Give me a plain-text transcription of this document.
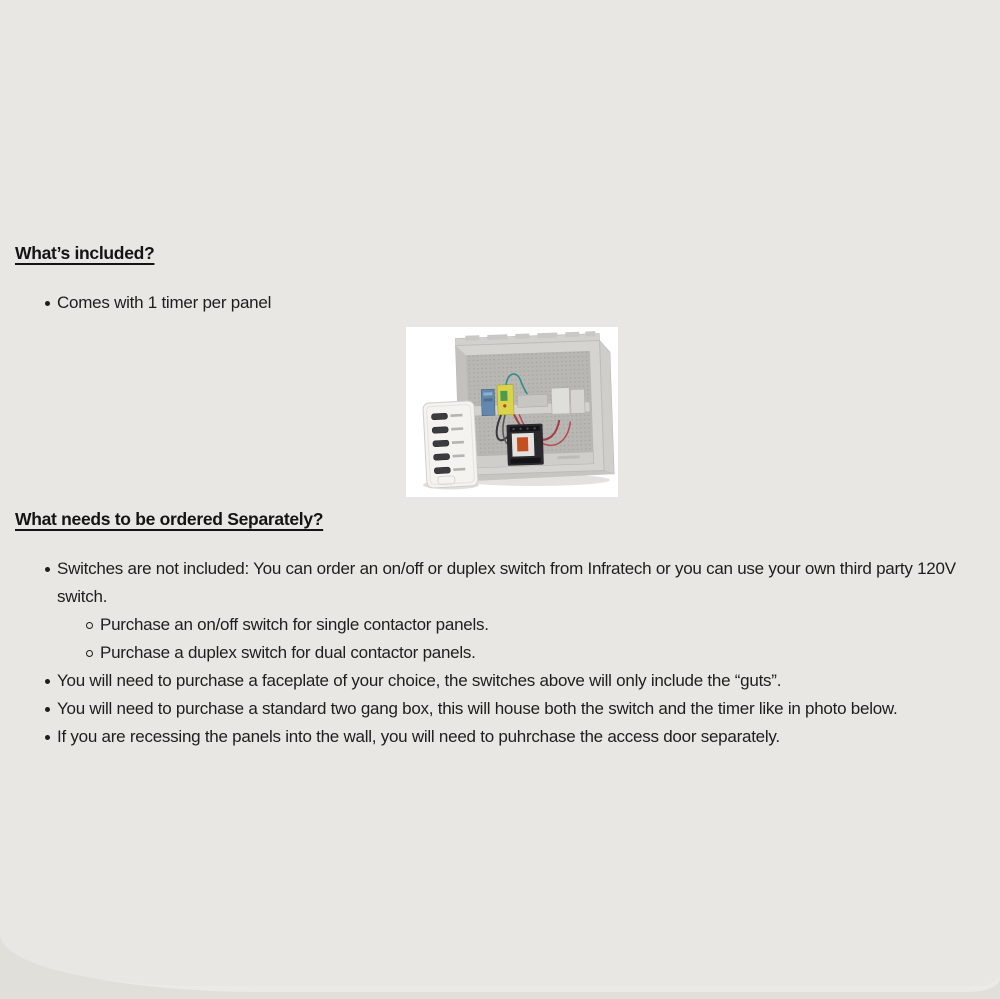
What’s included?
Comes with 1 timer per panel
What needs to be ordered Separately?
Switches are not included: You can order an on/off or duplex switch from Infratech or you can use your own third party 120V switch.
Purchase an on/off switch for single contactor panels.
Purchase a duplex switch for dual contactor panels.
You will need to purchase a faceplate of your choice, the switches above will only include the “guts”.
You will need to purchase a standard two gang box, this will house both the switch and the timer like in photo below.
If you are recessing the panels into the wall, you will need to puhrchase the access door separately.
